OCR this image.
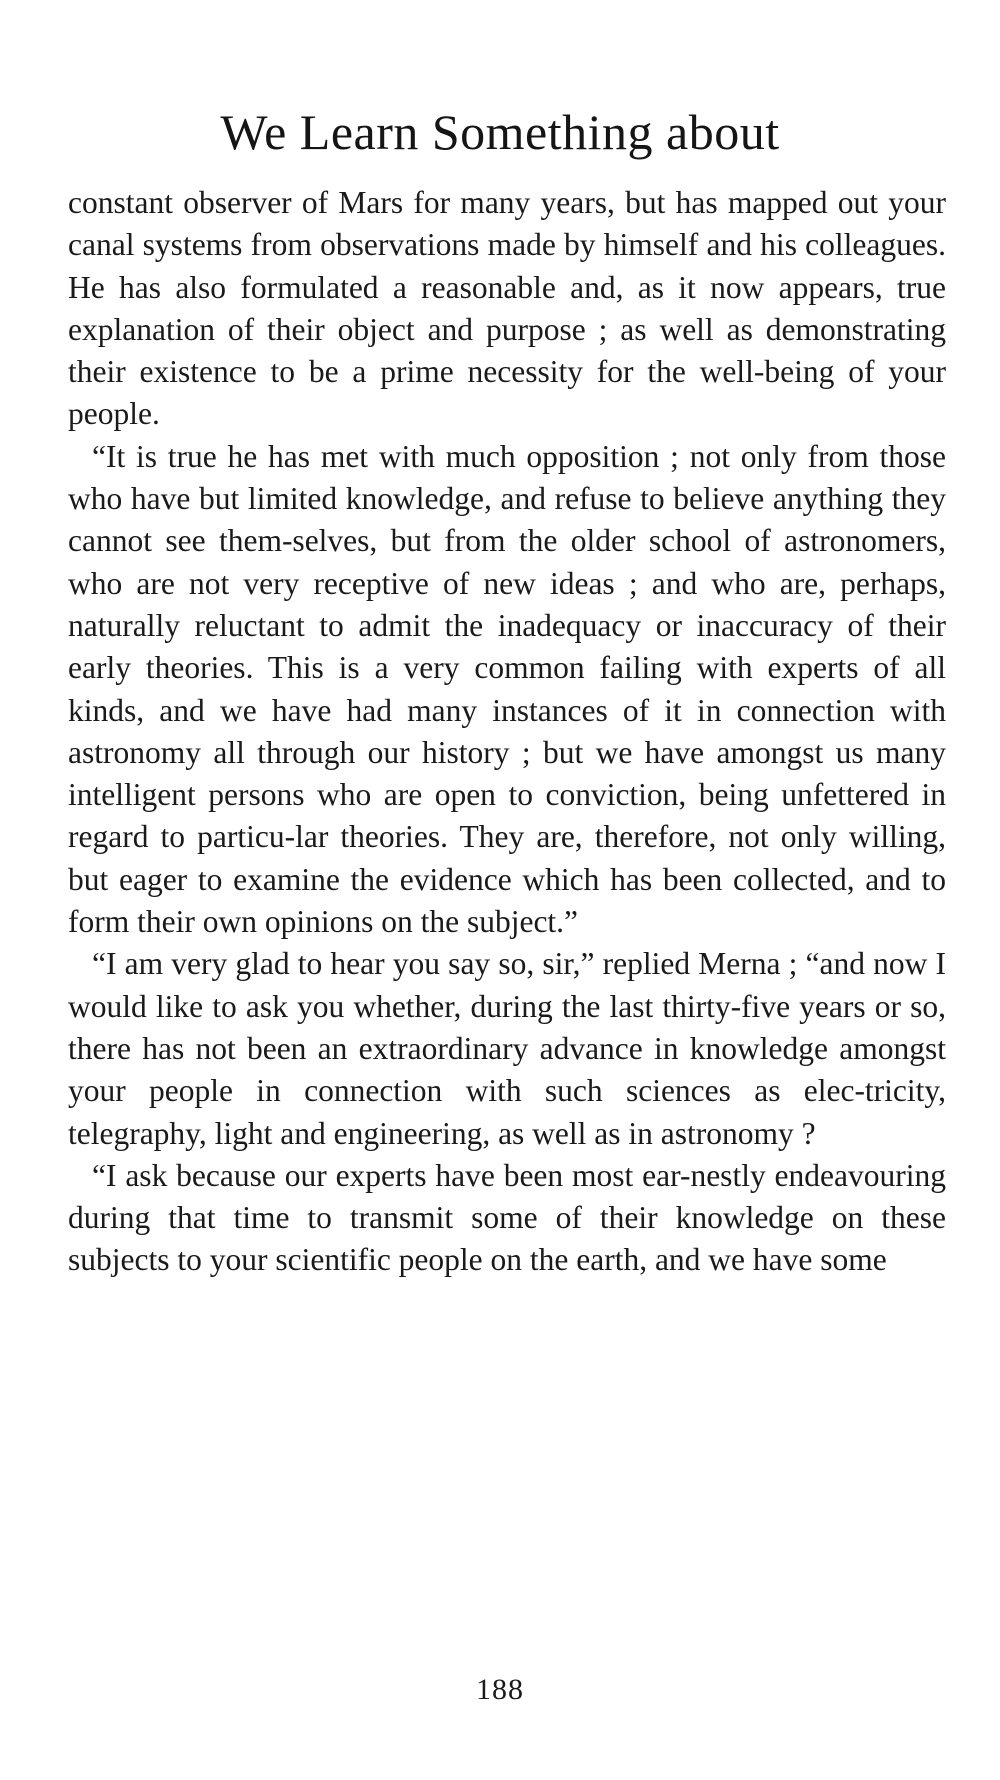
We Learn Something about

constant observer of Mars for many years, but has mapped out your canal systems from observations made by himself and his colleagues. He has also formulated a reasonable and, as it now appears, true explanation of their object and purpose ; as well as demonstrating their existence to be a prime necessity for the well-being of your people.

“It is true he has met with much opposition ; not only from those who have but limited knowledge, and refuse to believe anything they cannot see them-selves, but from the older school of astronomers, who are not very receptive of new ideas ; and who are, perhaps, naturally reluctant to admit the inadequacy or inaccuracy of their early theories. This is a very common failing with experts of all kinds, and we have had many instances of it in connection with astronomy all through our history ; but we have amongst us many intelligent persons who are open to conviction, being unfettered in regard to particu-lar theories. They are, therefore, not only willing, but eager to examine the evidence which has been collected, and to form their own opinions on the subject.”

“I am very glad to hear you say so, sir,” replied Merna ; “and now I would like to ask you whether, during the last thirty-five years or so, there has not been an extraordinary advance in knowledge amongst your people in connection with such sciences as elec-tricity, telegraphy, light and engineering, as well as in astronomy ?

“I ask because our experts have been most ear-nestly endeavouring during that time to transmit some of their knowledge on these subjects to your scientific people on the earth, and we have some

188
